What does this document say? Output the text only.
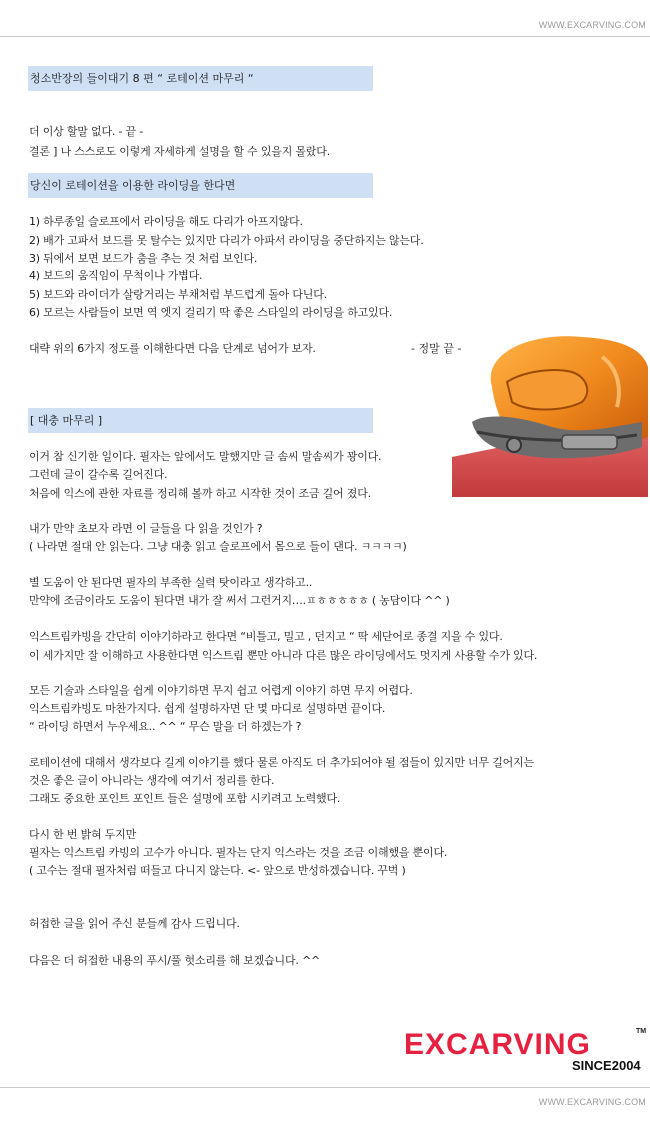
WWW.EXCARVING.COM
청소반장의 들이대기 8 편 “ 로테이션 마무리 “
더 이상 할말 없다. - 끝 -
결론 ] 나 스스로도 이렇게 자세하게 설명을 할 수 있을지 몰랐다.
당신이 로테이션을 이용한 라이딩을 한다면
1) 하루종일 슬로프에서 라이딩을 해도 다리가 아프지않다.
2) 배가 고파서 보드를 못 탈수는 있지만 다리가 아파서 라이딩을 중단하지는 않는다.
3) 뒤에서 보면 보드가 춤을 추는 것 처럼 보인다.
4) 보드의 움직임이 무척이나 가볍다.
5) 보드와 라이더가 살랑거리는 부채처럼 부드럽게 돌아 다닌다.
6) 모르는 사람들이 보면 역 엣지 걸리기 딱 좋은 스타일의 라이딩을 하고있다.
대략 위의 6가지 정도를 이해한다면 다음 단계로 넘어가 보자.	- 정말 끝 -
[ 대충 마무리 ]
이거 참 신기한 일이다. 필자는 앞에서도 말했지만 글 솜씨 말솜씨가 꽝이다.
그런데 글이 갈수록 길어진다.
처음에 익스에 관한 자료를 정리해 볼까 하고 시작한 것이 조금 길어 졌다.
내가 만약 초보자 라면 이 글들을 다 읽을 것인가 ?
( 나라면 절대 안 읽는다. 그냥 대충 읽고 슬로프에서 몸으로 들이 댄다. ㅋㅋㅋㅋ)
별 도움이 안 된다면 필자의 부족한 실력 탓이라고 생각하고..
만약에 조금이라도 도움이 된다면 내가 잘 써서 그런거지….ㅍㅎㅎㅎㅎㅎ ( 농담이다 ^^ )
익스트림카빙을 간단히 이야기하라고 한다면 “비틀고, 밀고 , 던지고 “ 딱 세단어로 종결 지을 수 있다.
이 세가지만 잘 이해하고 사용한다면 익스트림 뿐만 아니라 다른 많은 라이딩에서도 멋지게 사용할 수가 있다.
모든 기술과 스타일을 쉽게 이야기하면 무지 쉽고 어렵게 이야기 하면 무지 어렵다.
익스트림카빙도 마찬가지다. 쉽게 설명하자면 단 몇 마디로 설명하면 끝이다.
“ 라이딩 하면서 누우세요.. ^^ “ 무슨 말을 더 하겠는가 ?
로테이션에 대해서 생각보다 길게 이야기를 했다 물론 아직도 더 추가되어야 될 점들이 있지만 너무 길어지는
것은 좋은 글이 아니라는 생각에 여기서 정리를 한다.
그래도 중요한 포인트 포인트 들은 설명에 포함 시키려고 노력했다.
다시 한 번 밝혀 두지만
필자는 익스트림 카빙의 고수가 아니다. 필자는 단지 익스라는 것을 조금 이해했을 뿐이다.
( 고수는 절대 필자처럼 떠들고 다니지 않는다. <- 앞으로 반성하겠습니다. 꾸벅 )
허접한 글을 읽어 주신 분들께 감사 드립니다.
다음은 더 허접한 내용의 푸시/풀 헛소리를 해 보겠습니다. ^^
EXCARVING	TM
SINCE2004
WWW.EXCARVING.COM
